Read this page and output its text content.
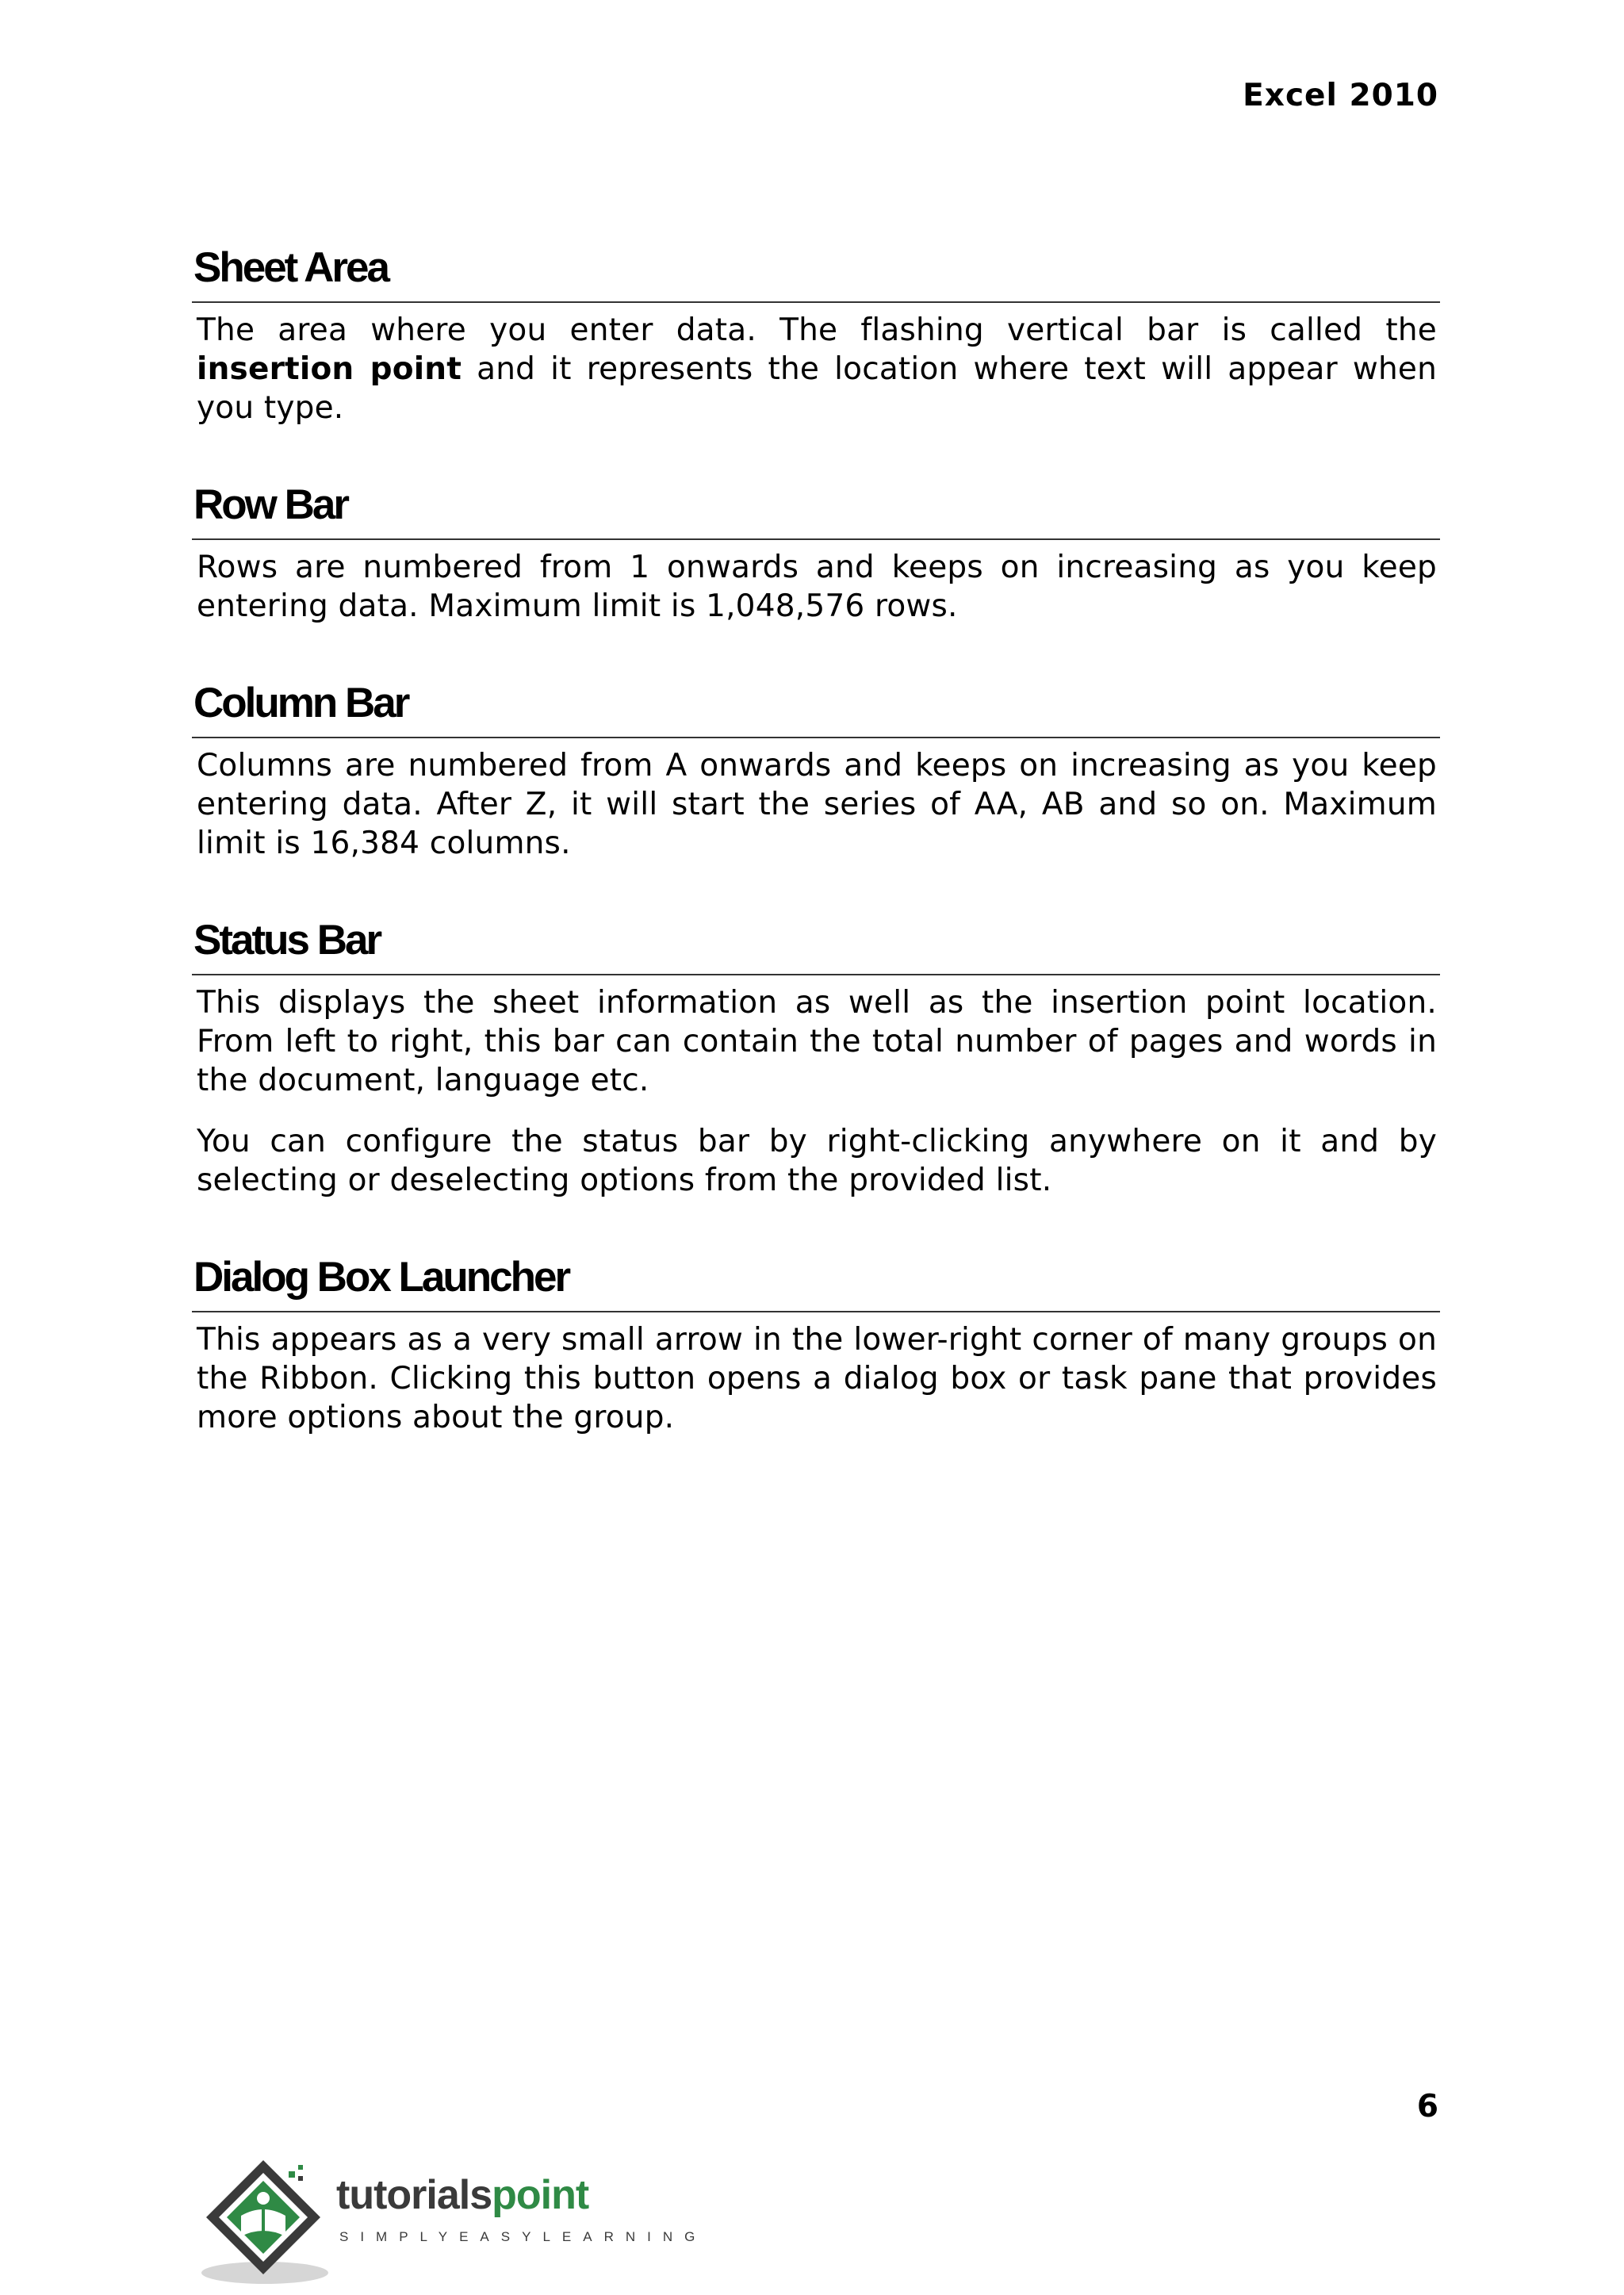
Excel 2010
Sheet Area

The area where you enter data. The flashing vertical bar is called the insertion point and it represents the location where text will appear when you type.

Row Bar

Rows are numbered from 1 onwards and keeps on increasing as you keep entering data. Maximum limit is 1,048,576 rows.

Column Bar

Columns are numbered from A onwards and keeps on increasing as you keep entering data. After Z, it will start the series of AA, AB and so on. Maximum limit is 16,384 columns.

Status Bar

This displays the sheet information as well as the insertion point location. From left to right, this bar can contain the total number of pages and words in the document, language etc.

You can configure the status bar by right-clicking anywhere on it and by selecting or deselecting options from the provided list.

Dialog Box Launcher

This appears as a very small arrow in the lower-right corner of many groups on the Ribbon. Clicking this button opens a dialog box or task pane that provides more options about the group.

6
tutorialspoint
SIMPLYEASYLEARNING
